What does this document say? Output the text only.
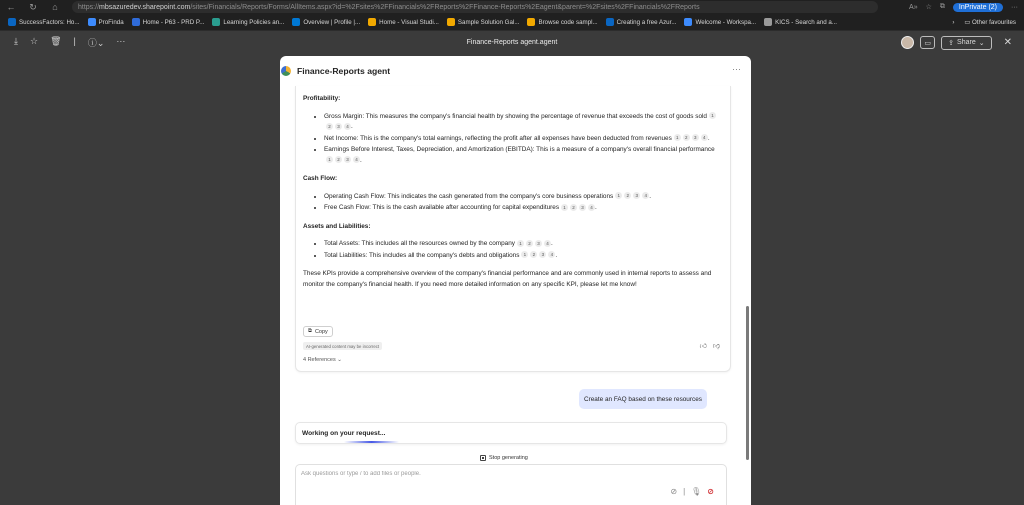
←	↻	⌂	https:// mbsazuredev.sharepoint.com /sites/Financials/Reports/Forms/AllItems.aspx?id=%2Fsites%2FFinancials%2FReports%2FFinance-Reports%2Eagent&parent=%2Fsites%2FFinancials%2FReports	A» ☆ ⧉	InPrivate (2)	···
SuccessFactors: Ho...	ProFinda	Home - P63 - PRD P...	Learning Policies an...	Overview | Profile |...	Home - Visual Studi...	Sample Solution Gal...	Browse code sampl...	Creating a free Azur...	Welcome - Workspa...	KICS - Search and a...	› ▭ Other favourites
⤓ ☆ 🗑 | ⓘ⌄ ···	Finance-Reports agent.agent	▭	⇪ Share ⌄ ✕
Finance-Reports agent	···
Profitability:
• Gross Margin: This measures the company's financial health by showing the percentage of revenue that exceeds the cost of goods sold 12 3 4 .
• Net Income: This is the company's total earnings, reflecting the profit after all expenses have been deducted from revenues 1 2 3 4 .
• Earnings Before Interest, Taxes, Depreciation, and Amortization (EBITDA): This is a measure of a company's overall financial performance1 2 3 4 .
Cash Flow:
• Operating Cash Flow: This indicates the cash generated from the company's core business operations 1 2 3 4 .
• Free Cash Flow: This is the cash available after accounting for capital expenditures 1 2 3 4 .
Assets and Liabilities:
• Total Assets: This includes all the resources owned by the company 1 2 3 4 .
• Total Liabilities: This includes all the company's debts and obligations 1 2 3 4 .
These KPIs provide a comprehensive overview of the company's financial performance and are commonly used in internal reports to assess and monitor the company's financial health. If you need more detailed information on any specific KPI, please let me know!
⧉ Copy
AI-generated content may be incorrect	👍︎ 👎︎
4 References ⌄
Create an FAQ based on these resources
Working on your request...
Stop generating
Ask questions or type / to add files or people.
⊘ | 🎙︎ ⊘
